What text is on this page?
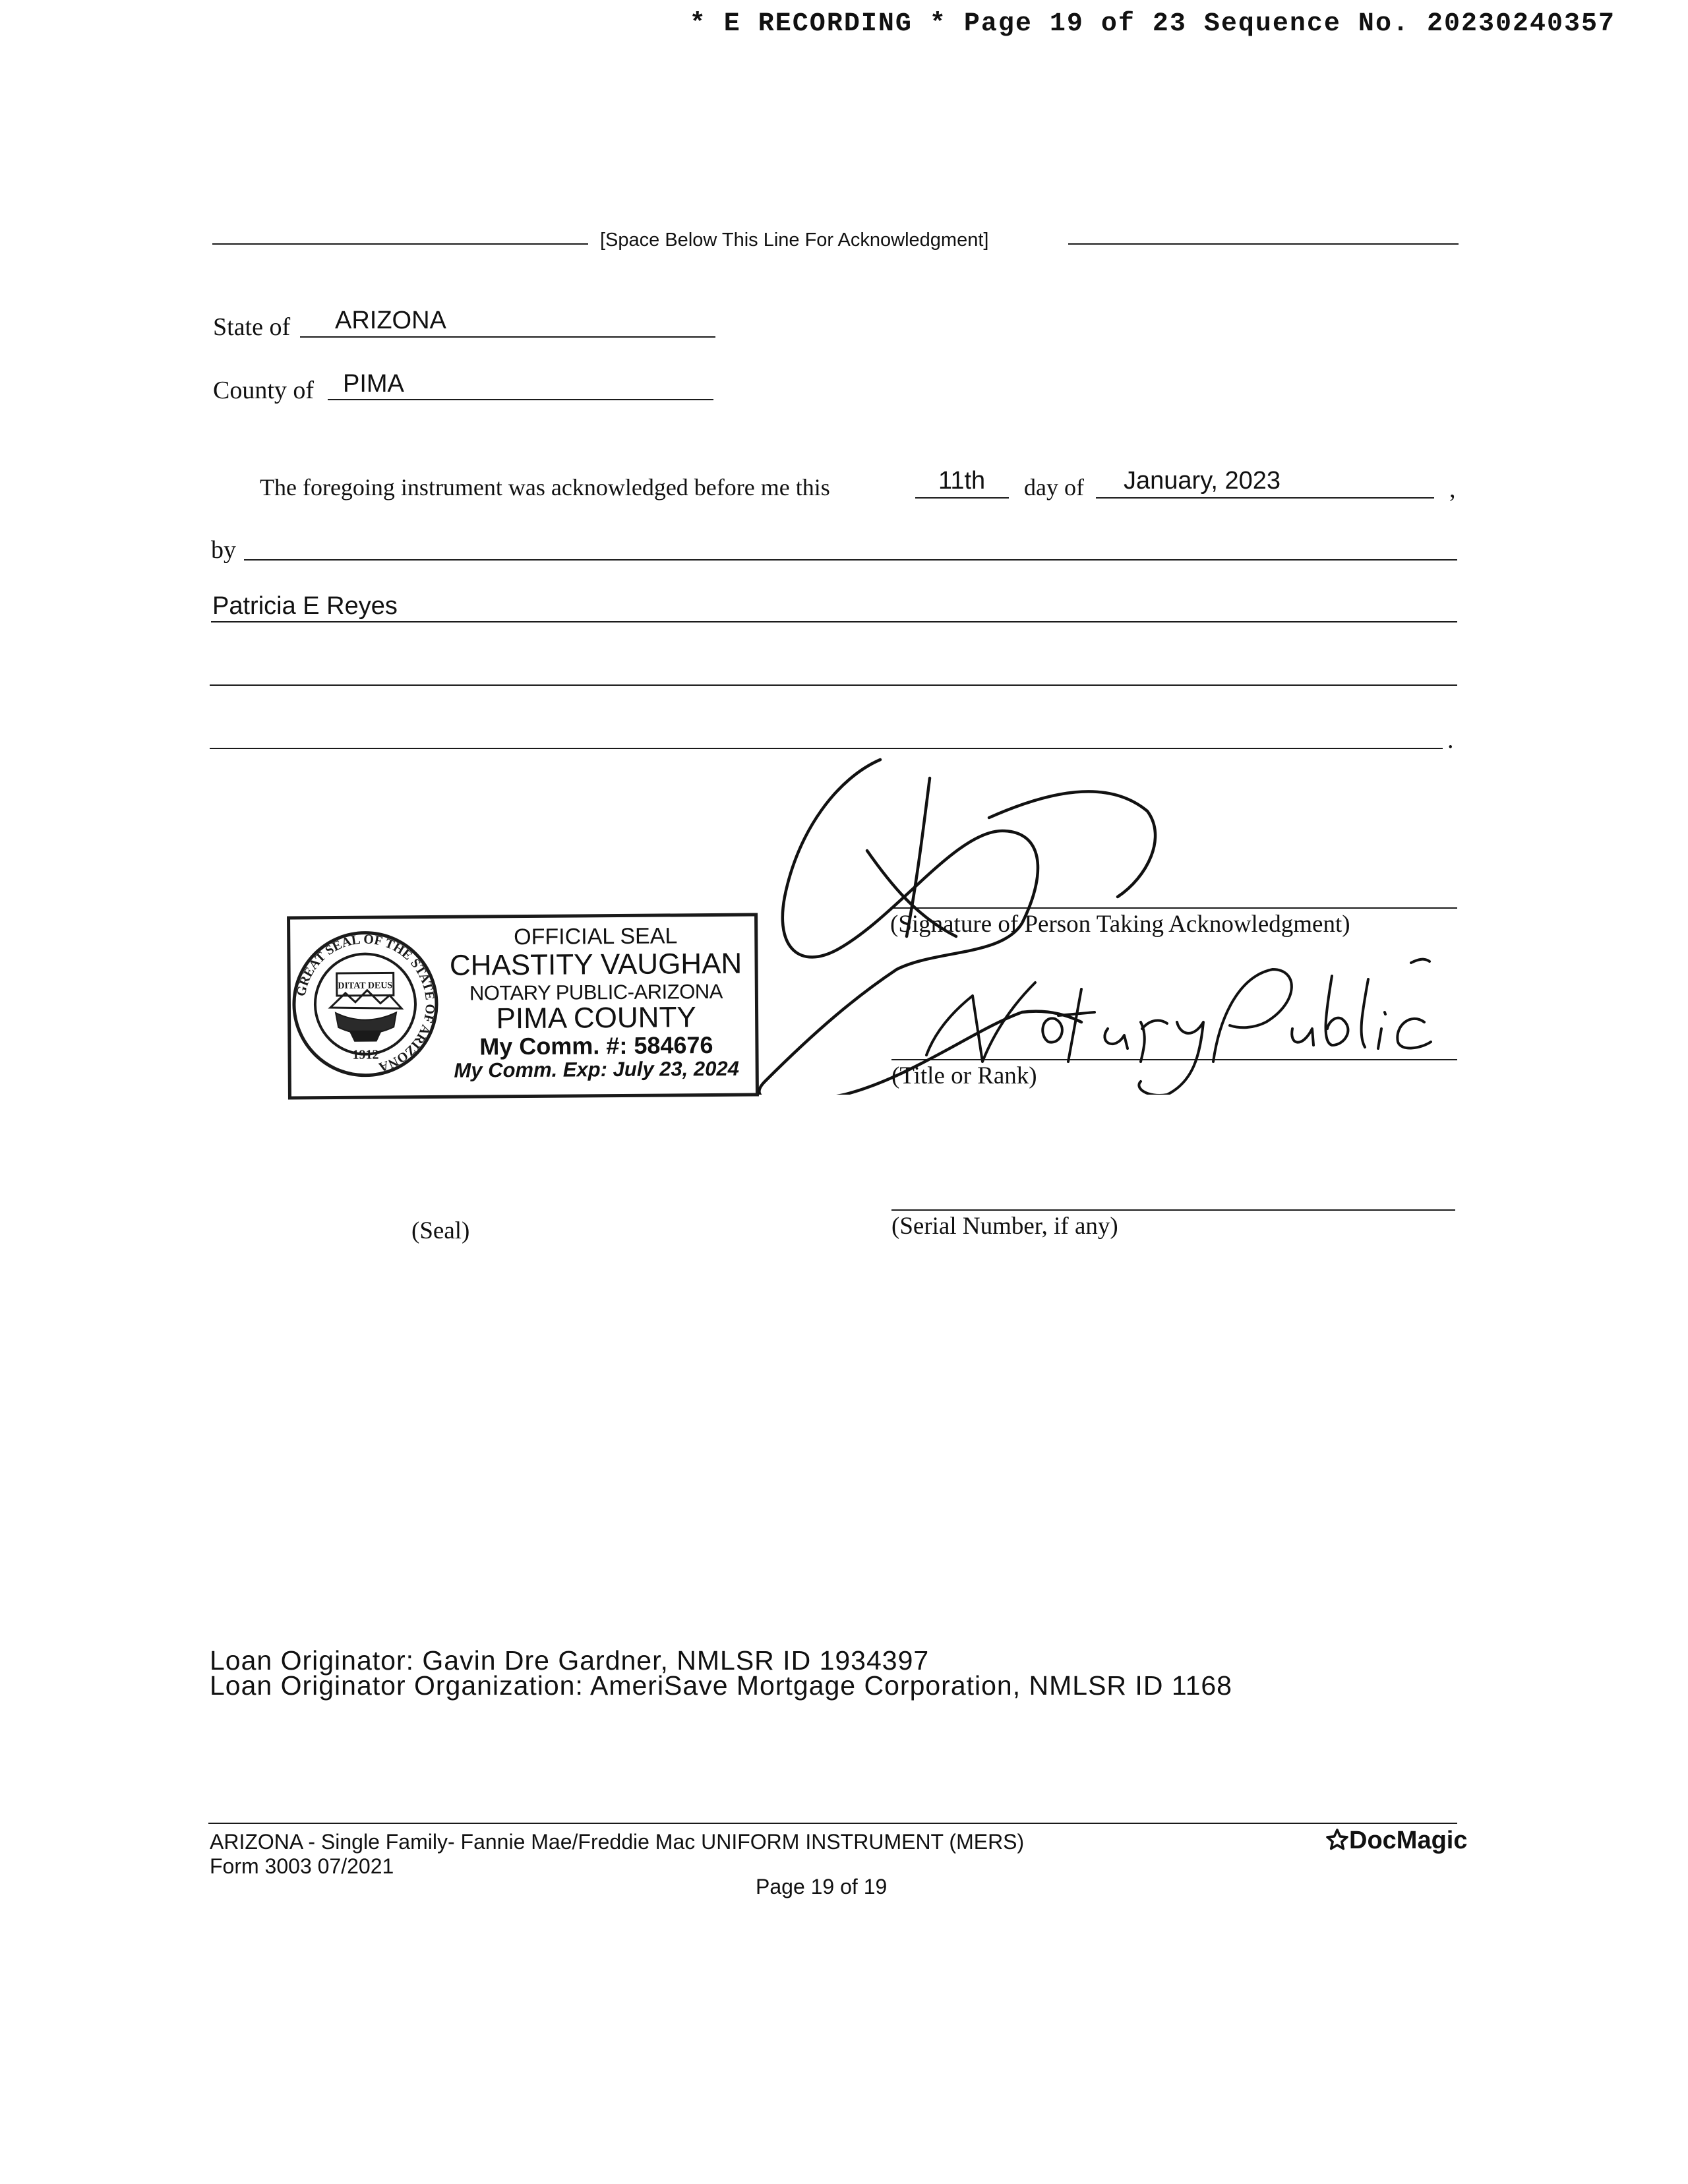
* E RECORDING * Page 19 of 23 Sequence No. 20230240357
[Space Below This Line For Acknowledgment]
State of ARIZONA
County of PIMA
The foregoing instrument was acknowledged before me this	11th day of January, 2023	,
by
Patricia E Reyes
.
(Signature of Person Taking Acknowledgment)
(Title or Rank)
GREAT SEAL OF THE STATE OF ARIZONA
DITAT DEUS
1912
OFFICIAL SEAL
CHASTITY VAUGHAN
NOTARY PUBLIC-ARIZONA
PIMA COUNTY
My Comm. #: 584676
My Comm. Exp: July 23, 2024
(Seal)	(Serial Number, if any)
Loan Originator: Gavin Dre Gardner, NMLSR ID 1934397
Loan Originator Organization: AmeriSave Mortgage Corporation, NMLSR ID 1168
ARIZONA - Single Family- Fannie Mae/Freddie Mac UNIFORM INSTRUMENT (MERS)
Form 3003 07/2021
Page 19 of 19
DocMagic
